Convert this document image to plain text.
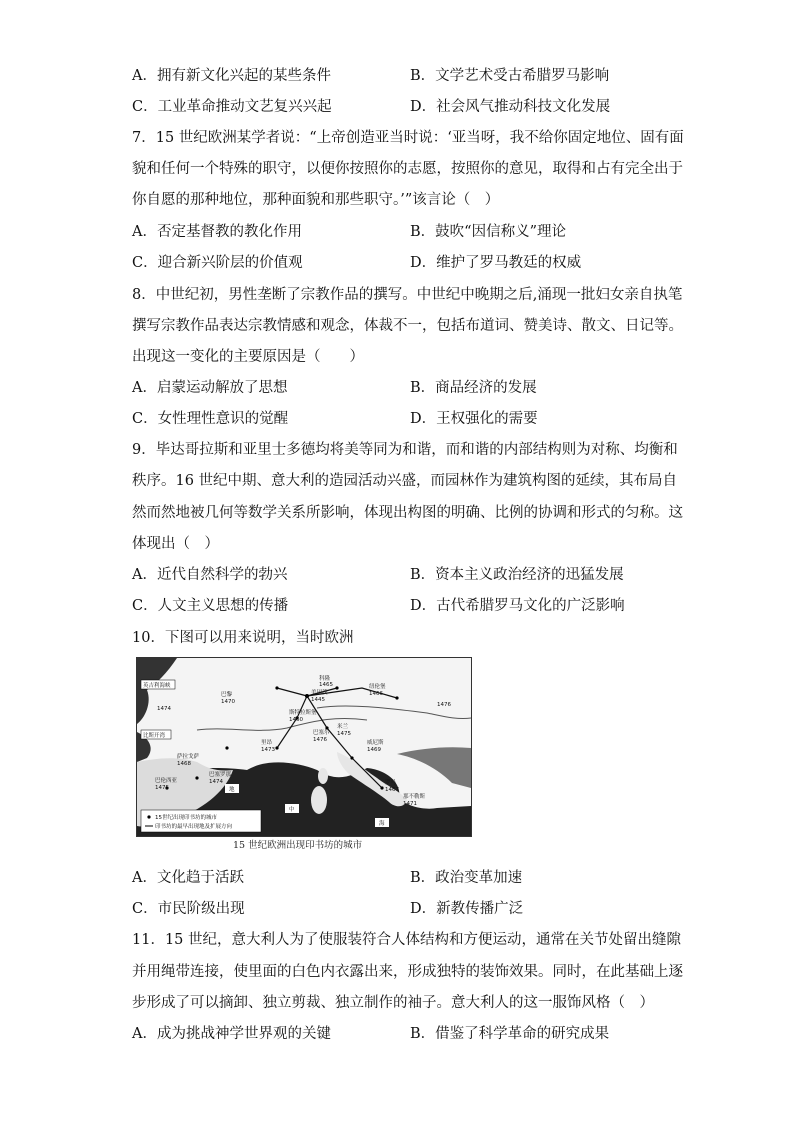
A．拥有新文化兴起的某些条件	B．文学艺术受古希腊罗马影响
C．工业革命推动文艺复兴兴起	D．社会风气推动科技文化发展
7．15 世纪欧洲某学者说：“上帝创造亚当时说：‘亚当呀，我不给你固定地位、固有面
貌和任何一个特殊的职守，以便你按照你的志愿，按照你的意见，取得和占有完全出于
你自愿的那种地位，那种面貌和那些职守。’”该言论（　）
A．否定基督教的教化作用	B．鼓吹“因信称义”理论
C．迎合新兴阶层的价值观	D．维护了罗马教廷的权威
8．中世纪初，男性垄断了宗教作品的撰写。中世纪中晚期之后,涌现一批妇女亲自执笔
撰写宗教作品表达宗教情感和观念，体裁不一，包括布道词、赞美诗、散文、日记等。
出现这一变化的主要原因是（　　）
A．启蒙运动解放了思想	B．商品经济的发展
C．女性理性意识的觉醒	D．王权强化的需要
9．毕达哥拉斯和亚里士多德均将美等同为和谐，而和谐的内部结构则为对称、均衡和
秩序。16 世纪中期、意大利的造园活动兴盛，而园林作为建筑构图的延续，其布局自
然而然地被几何等数学关系所影响，体现出构图的明确、比例的协调和形式的匀称。这
体现出（　）
A．近代自然科学的勃兴	B．资本主义政治经济的迅猛发展
C．人文主义思想的传播	D．古代希腊罗马文化的广泛影响
10．下图可以用来说明，当时欧洲
英吉利海峡
比斯开湾
美因茨
1445
科隆
1465
斯特拉斯堡
1460
巴黎
1470
里昂
1473
威尼斯
1469
罗马
1467
那不勒斯
1471
巴塞罗那
1474
巴伦西亚
1475
萨拉戈萨
1468
纽伦堡
1466
巴塞尔
1476
米兰
1475
1474
1476
地
中
海
15世纪出现印书坊的城市
印书坊的最早出现地及扩展方向
15 世纪欧洲出现印书坊的城市
A．文化趋于活跃	B．政治变革加速
C．市民阶级出现	D．新教传播广泛
11．15 世纪，意大利人为了使服装符合人体结构和方便运动，通常在关节处留出缝隙
并用绳带连接，使里面的白色内衣露出来，形成独特的装饰效果。同时，在此基础上逐
步形成了可以摘卸、独立剪裁、独立制作的袖子。意大利人的这一服饰风格（　）
A．成为挑战神学世界观的关键	B．借鉴了科学革命的研究成果
